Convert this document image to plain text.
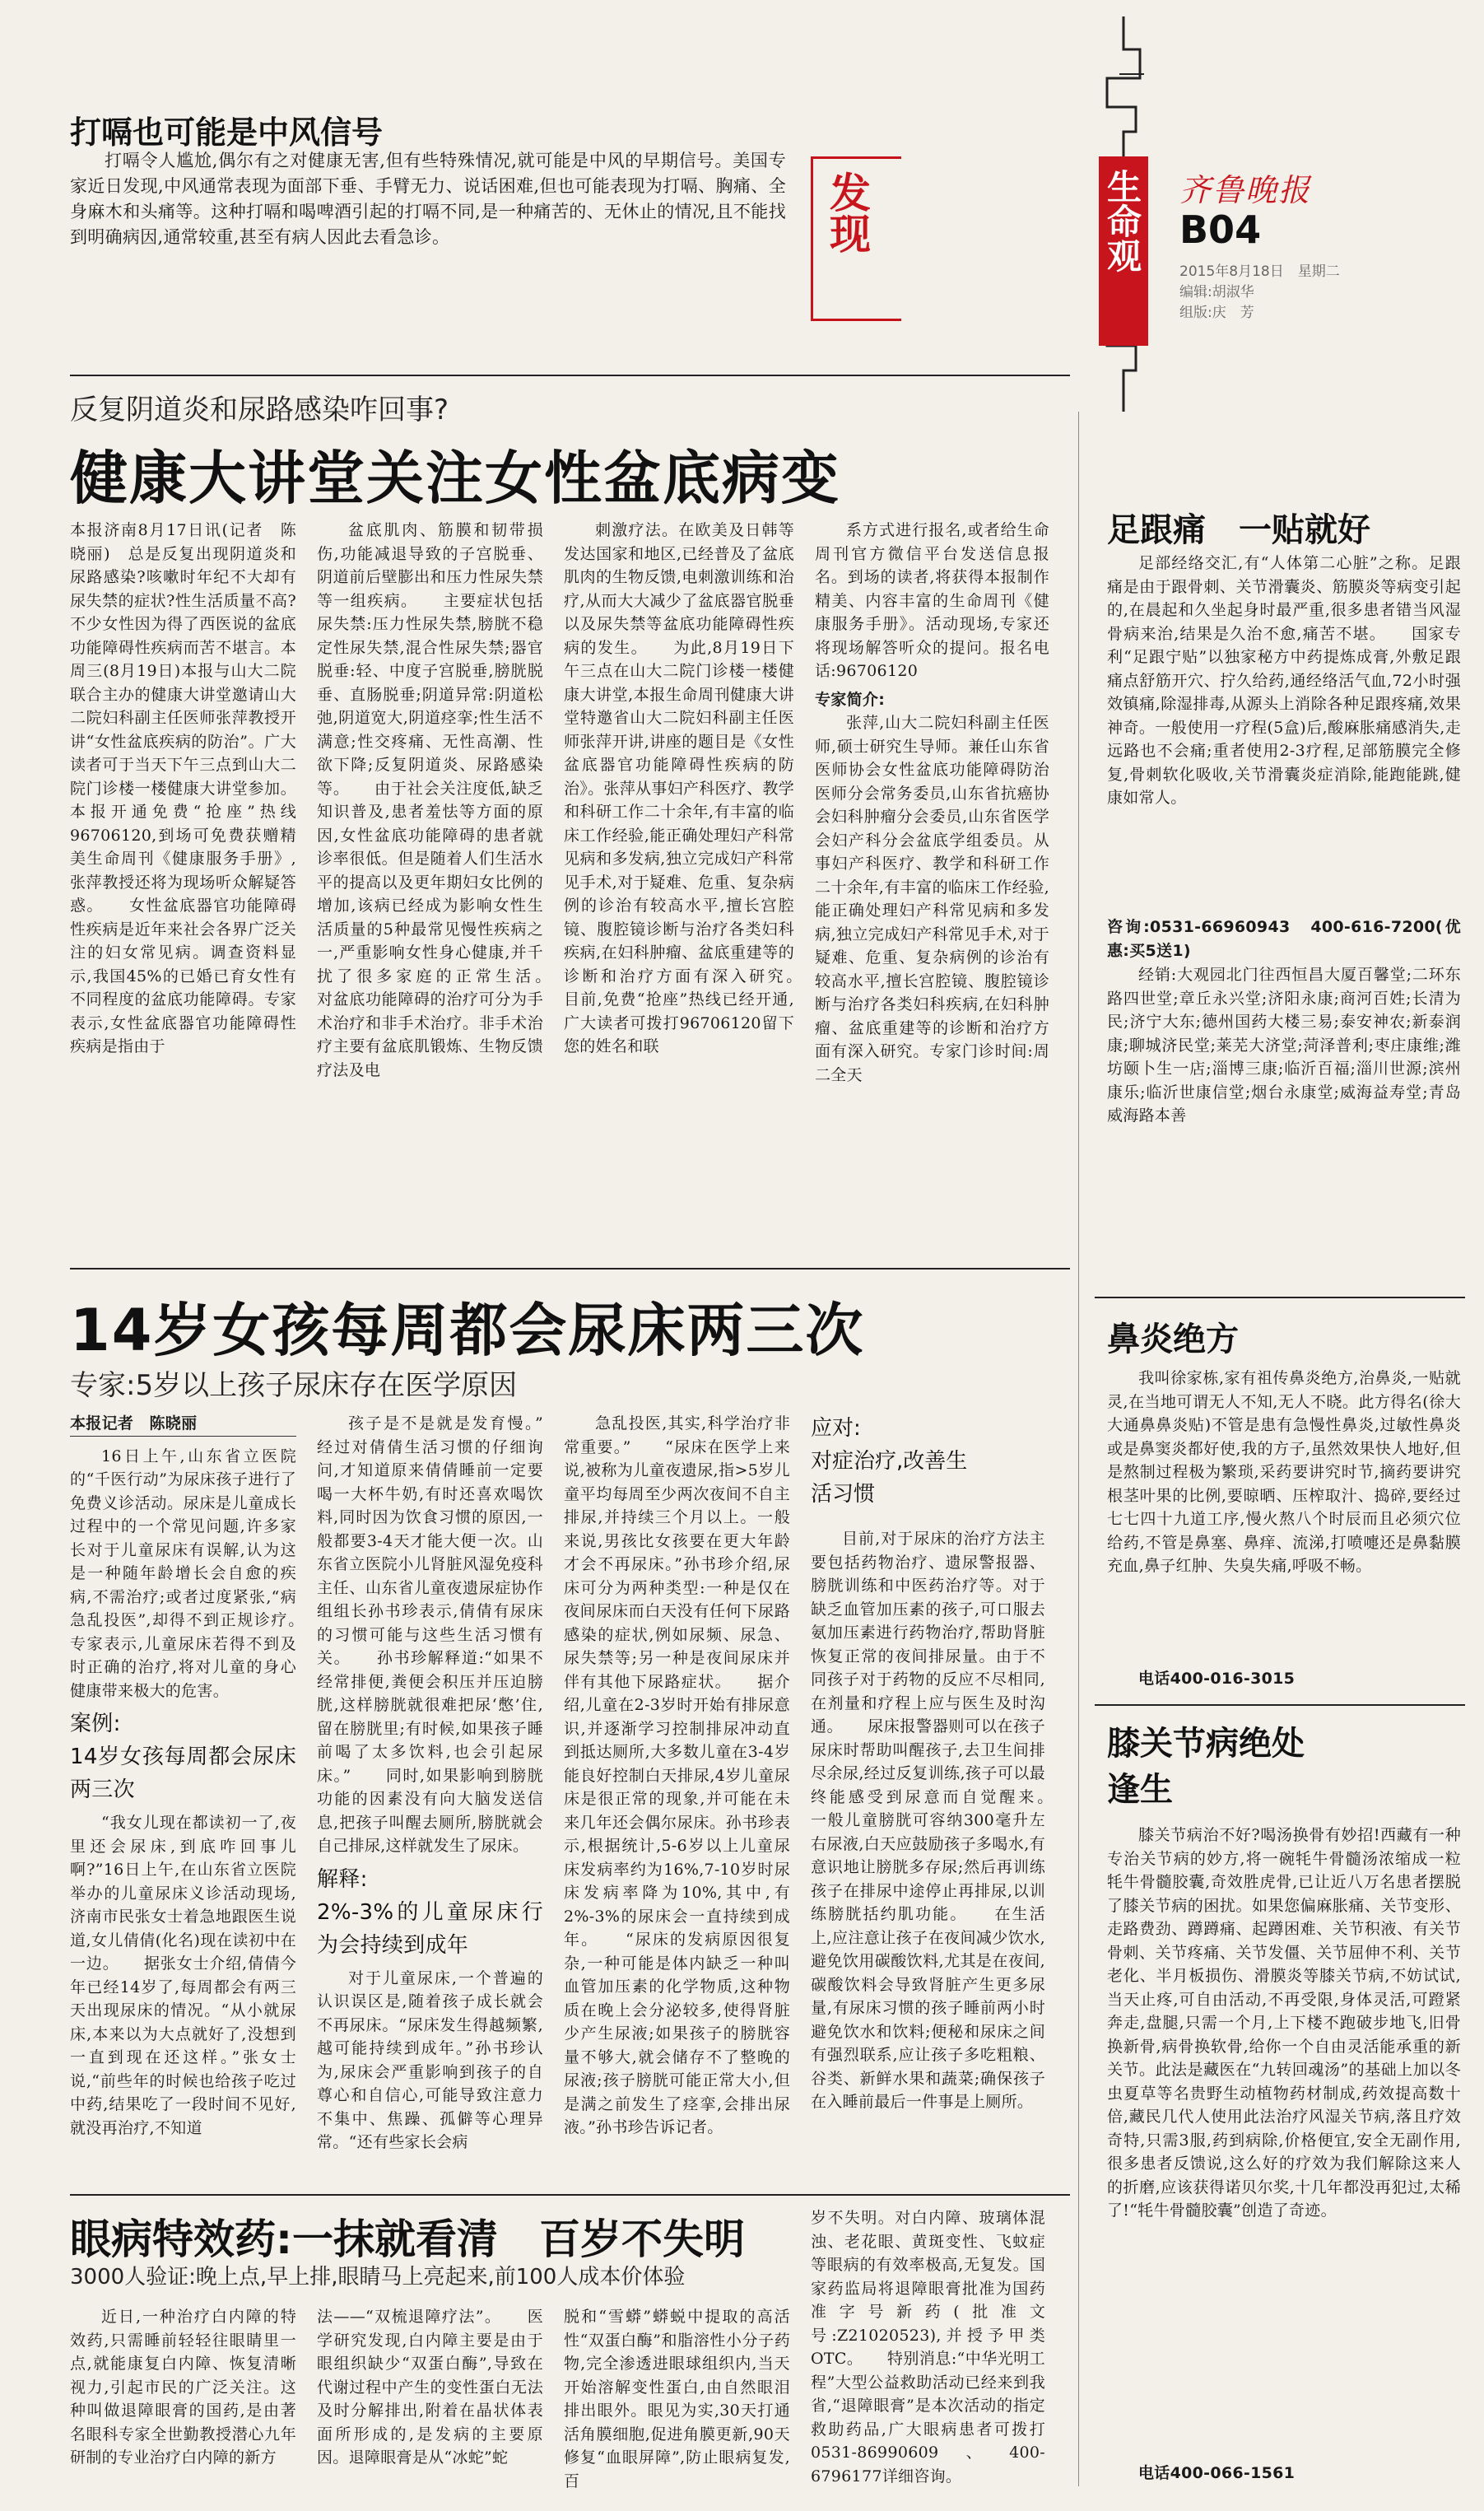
生命观 齐鲁晚报
B04
2015年8月18日　星期二
编辑:胡淑华
组版:庆　芳
打嗝也可能是中风信号

打嗝令人尴尬,偶尔有之对健康无害,但有些特殊情况,就可能是中风的早期信号。美国专家近日发现,中风通常表现为面部下垂、手臂无力、说话困难,但也可能表现为打嗝、胸痛、全身麻木和头痛等。这种打嗝和喝啤酒引起的打嗝不同,是一种痛苦的、无休止的情况,且不能找到明确病因,通常较重,甚至有病人因此去看急诊。	发现
反复阴道炎和尿路感染咋回事?
健康大讲堂关注女性盆底病变

本报济南8月17日讯(记者　陈晓丽)　总是反复出现阴道炎和尿路感染?咳嗽时年纪不大却有尿失禁的症状?性生活质量不高?不少女性因为得了西医说的盆底功能障碍性疾病而苦不堪言。本周三(8月19日)本报与山大二院联合主办的健康大讲堂邀请山大二院妇科副主任医师张萍教授开讲“女性盆底疾病的防治”。广大读者可于当天下午三点到山大二院门诊楼一楼健康大讲堂参加。本报开通免费“抢座”热线96706120,到场可免费获赠精美生命周刊《健康服务手册》,张萍教授还将为现场听众解疑答惑。　　女性盆底器官功能障碍性疾病是近年来社会各界广泛关注的妇女常见病。调查资料显示,我国45%的已婚已育女性有不同程度的盆底功能障碍。专家表示,女性盆底器官功能障碍性疾病是指由于

盆底肌肉、筋膜和韧带损伤,功能减退导致的子宫脱垂、阴道前后壁膨出和压力性尿失禁等一组疾病。　　主要症状包括尿失禁:压力性尿失禁,膀胱不稳定性尿失禁,混合性尿失禁;器官脱垂:轻、中度子宫脱垂,膀胱脱垂、直肠脱垂;阴道异常:阴道松弛,阴道宽大,阴道痉挛;性生活不满意;性交疼痛、无性高潮、性欲下降;反复阴道炎、尿路感染等。　　由于社会关注度低,缺乏知识普及,患者羞怯等方面的原因,女性盆底功能障碍的患者就诊率很低。但是随着人们生活水平的提高以及更年期妇女比例的增加,该病已经成为影响女性生活质量的5种最常见慢性疾病之一,严重影响女性身心健康,并千扰了很多家庭的正常生活。　　对盆底功能障碍的治疗可分为手术治疗和非手术治疗。非手术治疗主要有盆底肌锻炼、生物反馈疗法及电

刺激疗法。在欧美及日韩等发达国家和地区,已经普及了盆底肌肉的生物反馈,电刺激训练和治疗,从而大大减少了盆底器官脱垂以及尿失禁等盆底功能障碍性疾病的发生。　　为此,8月19日下午三点在山大二院门诊楼一楼健康大讲堂,本报生命周刊健康大讲堂特邀省山大二院妇科副主任医师张萍开讲,讲座的题目是《女性盆底器官功能障碍性疾病的防治》。张萍从事妇产科医疗、教学和科研工作二十余年,有丰富的临床工作经验,能正确处理妇产科常见病和多发病,独立完成妇产科常见手术,对于疑难、危重、复杂病例的诊治有较高水平,擅长宫腔镜、腹腔镜诊断与治疗各类妇科疾病,在妇科肿瘤、盆底重建等的诊断和治疗方面有深入研究。　　目前,免费“抢座”热线已经开通,广大读者可拨打96706120留下您的姓名和联

系方式进行报名,或者给生命周刊官方微信平台发送信息报名。到场的读者,将获得本报制作精美、内容丰富的生命周刊《健康服务手册》。活动现场,专家还将现场解答听众的提问。报名电话:96706120

专家简介:

张萍,山大二院妇科副主任医师,硕士研究生导师。兼任山东省医师协会女性盆底功能障碍防治医师分会常务委员,山东省抗癌协会妇科肿瘤分会委员,山东省医学会妇产科分会盆底学组委员。从事妇产科医疗、教学和科研工作二十余年,有丰富的临床工作经验,能正确处理妇产科常见病和多发病,独立完成妇产科常见手术,对于疑难、危重、复杂病例的诊治有较高水平,擅长宫腔镜、腹腔镜诊断与治疗各类妇科疾病,在妇科肿瘤、盆底重建等的诊断和治疗方面有深入研究。专家门诊时间:周二全天

14岁女孩每周都会尿床两三次
专家:5岁以上孩子尿床存在医学原因

本报记者　陈晓丽

16日上午,山东省立医院的“千医行动”为尿床孩子进行了免费义诊活动。尿床是儿童成长过程中的一个常见问题,许多家长对于儿童尿床有误解,认为这是一种随年龄增长会自愈的疾病,不需治疗;或者过度紧张,“病急乱投医”,却得不到正规诊疗。　　专家表示,儿童尿床若得不到及时正确的治疗,将对儿童的身心健康带来极大的危害。

案例:
14岁女孩每周都会尿床两三次

“我女儿现在都读初一了,夜里还会尿床,到底咋回事儿啊?”16日上午,在山东省立医院举办的儿童尿床义诊活动现场,济南市民张女士着急地跟医生说道,女儿倩倩(化名)现在读初中在一边。　　据张女士介绍,倩倩今年已经14岁了,每周都会有两三天出现尿床的情况。“从小就尿床,本来以为大点就好了,没想到一直到现在还这样。”张女士说,“前些年的时候也给孩子吃过中药,结果吃了一段时间不见好,就没再治疗,不知道

孩子是不是就是发育慢。”　　经过对倩倩生活习惯的仔细询问,才知道原来倩倩睡前一定要喝一大杯牛奶,有时还喜欢喝饮料,同时因为饮食习惯的原因,一般都要3-4天才能大便一次。山东省立医院小儿肾脏风湿免疫科主任、山东省儿童夜遗尿症协作组组长孙书珍表示,倩倩有尿床的习惯可能与这些生活习惯有关。　　孙书珍解释道:“如果不经常排便,粪便会积压并压迫膀胱,这样膀胱就很难把尿‘憋’住,留在膀胱里;有时候,如果孩子睡前喝了太多饮料,也会引起尿床。”　　同时,如果影响到膀胱功能的因素没有向大脑发送信息,把孩子叫醒去厕所,膀胱就会自己排尿,这样就发生了尿床。

解释:
2%-3%的儿童尿床行为会持续到成年

对于儿童尿床,一个普遍的认识误区是,随着孩子成长就会不再尿床。“尿床发生得越频繁,越可能持续到成年。”孙书珍认为,尿床会严重影响到孩子的自尊心和自信心,可能导致注意力不集中、焦躁、孤僻等心理异常。“还有些家长会病

急乱投医,其实,科学治疗非常重要。”　　“尿床在医学上来说,被称为儿童夜遗尿,指>5岁儿童平均每周至少两次夜间不自主排尿,并持续三个月以上。一般来说,男孩比女孩要在更大年龄才会不再尿床。”孙书珍介绍,尿床可分为两种类型:一种是仅在夜间尿床而白天没有任何下尿路感染的症状,例如尿频、尿急、尿失禁等;另一种是夜间尿床并伴有其他下尿路症状。　　据介绍,儿童在2-3岁时开始有排尿意识,并逐渐学习控制排尿冲动直到抵达厕所,大多数儿童在3-4岁能良好控制白天排尿,4岁儿童尿床是很正常的现象,并可能在未来几年还会偶尔尿床。孙书珍表示,根据统计,5-6岁以上儿童尿床发病率约为16%,7-10岁时尿床发病率降为10%,其中,有2%-3%的尿床会一直持续到成年。　　“尿床的发病原因很复杂,一种可能是体内缺乏一种叫血管加压素的化学物质,这种物质在晚上会分泌较多,使得肾脏少产生尿液;如果孩子的膀胱容量不够大,就会储存不了整晚的尿液;孩子膀胱可能正常大小,但是满之前发生了痉挛,会排出尿液。”孙书珍告诉记者。

应对:
对症治疗,改善生活习惯

目前,对于尿床的治疗方法主要包括药物治疗、遗尿警报器、膀胱训练和中医药治疗等。对于缺乏血管加压素的孩子,可口服去氨加压素进行药物治疗,帮助肾脏恢复正常的夜间排尿量。由于不同孩子对于药物的反应不尽相同,在剂量和疗程上应与医生及时沟通。　　尿床报警器则可以在孩子尿床时帮助叫醒孩子,去卫生间排尽余尿,经过反复训练,孩子可以最终能感受到尿意而自觉醒来。　　一般儿童膀胱可容纳300毫升左右尿液,白天应鼓励孩子多喝水,有意识地让膀胱多存尿;然后再训练孩子在排尿中途停止再排尿,以训练膀胱括约肌功能。　　在生活上,应注意让孩子在夜间减少饮水,避免饮用碳酸饮料,尤其是在夜间,碳酸饮料会导致肾脏产生更多尿量,有尿床习惯的孩子睡前两小时避免饮水和饮料;便秘和尿床之间有强烈联系,应让孩子多吃粗粮、谷类、新鲜水果和蔬菜;确保孩子在入睡前最后一件事是上厕所。

眼病特效药:一抹就看清　百岁不失明
3000人验证:晚上点,早上排,眼睛马上亮起来,前100人成本价体验

近日,一种治疗白内障的特效药,只需睡前轻轻往眼睛里一点,就能康复白内障、恢复清晰视力,引起市民的广泛关注。这种叫做退障眼膏的国药,是由著名眼科专家全世勤教授潜心九年研制的专业治疗白内障的新方

法——“双梳退障疗法”。　　医学研究发现,白内障主要是由于眼组织缺少“双蛋白酶”,导致在代谢过程中产生的变性蛋白无法及时分解排出,附着在晶状体表面所形成的,是发病的主要原因。退障眼膏是从“冰蛇”蛇

脱和“雪蟒”蟒蜕中提取的高活性“双蛋白酶”和脂溶性小分子药物,完全渗透进眼球组织内,当天开始溶解变性蛋白,由自然眼泪排出眼外。眼见为实,30天打通活角膜细胞,促进角膜更新,90天修复“血眼屏障”,防止眼病复发,百

岁不失明。对白内障、玻璃体混浊、老花眼、黄斑变性、飞蚊症等眼病的有效率极高,无复发。国家药监局将退障眼膏批准为国药准字号新药(批准文号:Z21020523),并授予甲类OTC。　　特别消息:“中华光明工程”大型公益救助活动已经来到我省,“退障眼膏”是本次活动的指定救助药品,广大眼病患者可拨打0531-86990609、400-6796177详细咨询。

足跟痛　一贴就好

足部经络交汇,有“人体第二心脏”之称。足跟痛是由于跟骨刺、关节滑囊炎、筋膜炎等病变引起的,在晨起和久坐起身时最严重,很多患者错当风湿骨病来治,结果是久治不愈,痛苦不堪。　　国家专利“足跟宁贴”以独家秘方中药提炼成膏,外敷足跟痛点舒筋开穴、拧久给药,通经络活气血,72小时强效镇痛,除湿排毒,从源头上消除各种足跟疼痛,效果神奇。一般使用一疗程(5盒)后,酸麻胀痛感消失,走远路也不会痛;重者使用2-3疗程,足部筋膜完全修复,骨刺软化吸收,关节滑囊炎症消除,能跑能跳,健康如常人。

咨询:0531-66960943　400-616-7200(优惠:买5送1)

经销:大观园北门往西恒昌大厦百馨堂;二环东路四世堂;章丘永兴堂;济阳永康;商河百姓;长清为民;济宁大东;德州国药大楼三易;泰安神农;新泰润康;聊城济民堂;莱芜大济堂;菏泽普利;枣庄康维;潍坊颐卜生一店;淄博三康;临沂百福;淄川世源;滨州康乐;临沂世康信堂;烟台永康堂;威海益寿堂;青岛威海路本善

鼻炎绝方

我叫徐家栋,家有祖传鼻炎绝方,治鼻炎,一贴就灵,在当地可谓无人不知,无人不晓。此方得名(徐大大通鼻鼻炎贴)不管是患有急慢性鼻炎,过敏性鼻炎或是鼻窦炎都好使,我的方子,虽然效果快人地好,但是熬制过程极为繁琐,采药要讲究时节,摘药要讲究根茎叶果的比例,要晾晒、压榨取汁、捣碎,要经过七七四十九道工序,慢火熬八个时辰而且必须穴位给药,不管是鼻塞、鼻痒、流涕,打喷嚏还是鼻黏膜充血,鼻子红肿、失臭失痛,呼吸不畅。

电话400-016-3015

膝关节病绝处逢生

膝关节病治不好?喝汤换骨有妙招!西藏有一种专治关节病的妙方,将一碗牦牛骨髓汤浓缩成一粒牦牛骨髓胶囊,奇效胜虎骨,已让近八万名患者摆脱了膝关节病的困扰。如果您偏麻胀痛、关节变形、走路费劲、蹲蹲痛、起蹲困难、关节积液、有关节骨刺、关节疼痛、关节发僵、关节屈伸不利、关节老化、半月板损伤、滑膜炎等膝关节病,不妨试试,当天止疼,可自由活动,不再受限,身体灵活,可蹬紧奔走,盘腿,只需一个月,上下楼不跑破步地飞,旧骨换新骨,病骨换软骨,给你一个自由灵活能承重的新关节。此法是藏医在“九转回魂汤”的基础上加以冬虫夏草等名贵野生动植物药材制成,药效提高数十倍,藏民几代人使用此法治疗风湿关节病,落且疗效奇特,只需3服,药到病除,价格便宜,安全无副作用,很多患者反馈说,这么好的疗效为我们解除这来人的折磨,应该获得诺贝尔奖,十几年都没再犯过,太稀了!“牦牛骨髓胶囊”创造了奇迹。

电话400-066-1561
